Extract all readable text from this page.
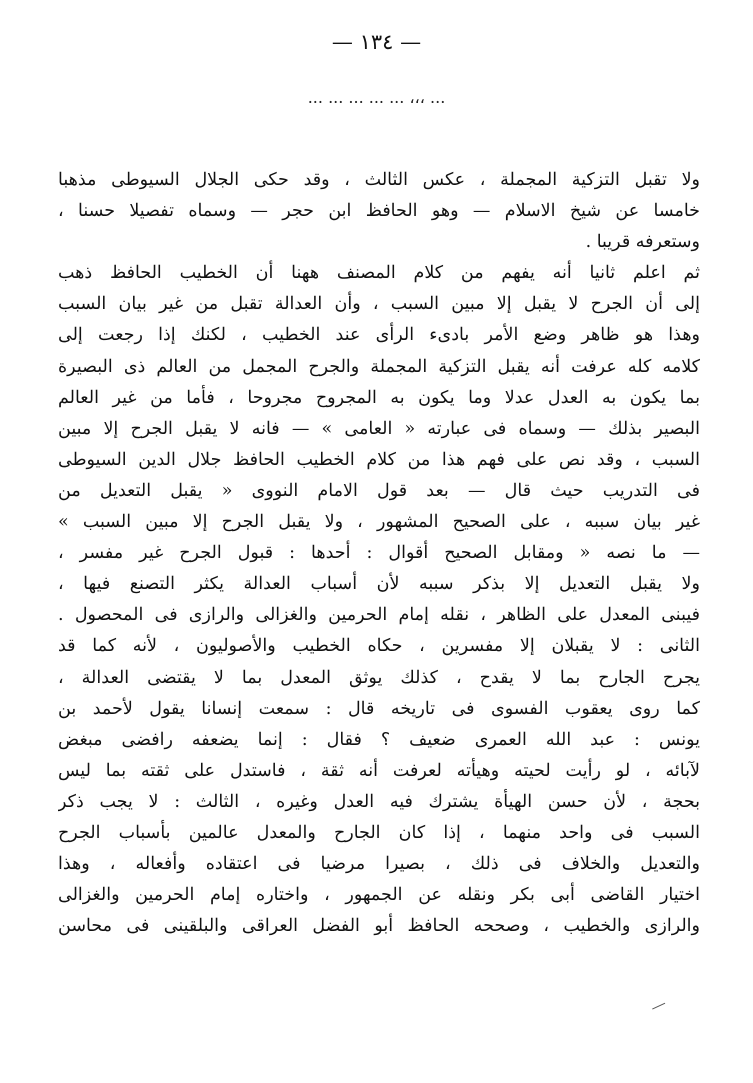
— ١٣٤ —
... ... ... ... ... ،،، ...
ولا تقبل التزكية المجملة ، عكس الثالث ، وقد حكى الجلال السيوطى مذهبا
خامسا عن شيخ الاسلام — وهو الحافظ ابن حجر — وسماه تفصيلا حسنا ،
وستعرفه قريبا .
ثم اعلم ثانيا أنه يفهم من كلام المصنف ههنا أن الخطيب الحافظ ذهب
إلى أن الجرح لا يقبل إلا مبين السبب ، وأن العدالة تقبل من غير بيان السبب
وهذا هو ظاهر وضع الأمر بادىء الرأى عند الخطيب ، لكنك إذا رجعت إلى
كلامه كله عرفت أنه يقبل التزكية المجملة والجرح المجمل من العالم ذى البصيرة
بما يكون به العدل عدلا وما يكون به المجروح مجروحا ، فأما من غير العالم
البصير بذلك — وسماه فى عبارته « العامى » — فانه لا يقبل الجرح إلا مبين
السبب ، وقد نص على فهم هذا من كلام الخطيب الحافظ جلال الدين السيوطى
فى التدريب حيث قال — بعد قول الامام النووى « يقبل التعديل من
غير بيان سببه ، على الصحيح المشهور ، ولا يقبل الجرح إلا مبين السبب »
— ما نصه « ومقابل الصحيح أقوال : أحدها : قبول الجرح غير مفسر ،
ولا يقبل التعديل إلا بذكر سببه لأن أسباب العدالة يكثر التصنع فيها ،
فيبنى المعدل على الظاهر ، نقله إمام الحرمين والغزالى والرازى فى المحصول .
الثانى : لا يقبلان إلا مفسرين ، حكاه الخطيب والأصوليون ، لأنه كما قد
يجرح الجارح بما لا يقدح ، كذلك يوثق المعدل بما لا يقتضى العدالة ،
كما روى يعقوب الفسوى فى تاريخه قال : سمعت إنسانا يقول لأحمد بن
يونس : عبد الله العمرى ضعيف ؟ فقال : إنما يضعفه رافضى مبغض
لآبائه ، لو رأيت لحيته وهيأته لعرفت أنه ثقة ، فاستدل على ثقته بما ليس
بحجة ، لأن حسن الهيأة يشترك فيه العدل وغيره ، الثالث : لا يجب ذكر
السبب فى واحد منهما ، إذا كان الجارح والمعدل عالمين بأسباب الجرح
والتعديل والخلاف فى ذلك ، بصيرا مرضيا فى اعتقاده وأفعاله ، وهذا
اختيار القاضى أبى بكر ونقله عن الجمهور ، واختاره إمام الحرمين والغزالى
والرازى والخطيب ، وصححه الحافظ أبو الفضل العراقى والبلقينى فى محاسن
